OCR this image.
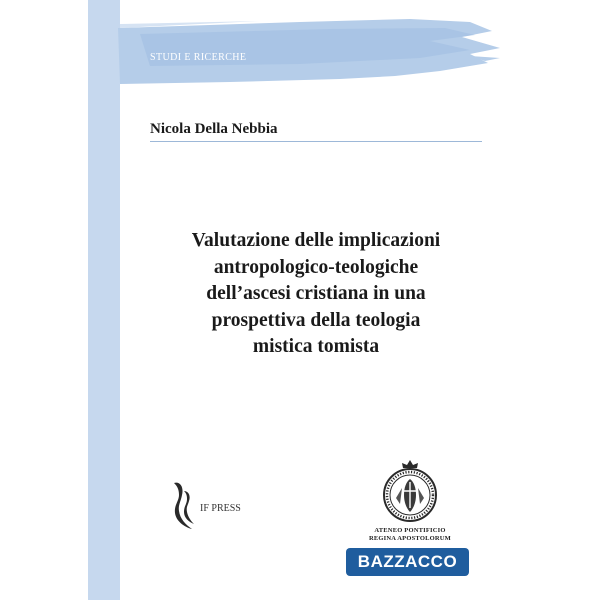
STUDI E RICERCHE
Nicola Della Nebbia
Valutazione delle implicazioni
antropologico-teologiche
dell’ascesi cristiana in una
prospettiva della teologia
mistica tomista
IF PRESS
ATENEO PONTIFICIO
REGINA APOSTOLORUM
BAZZACCO
